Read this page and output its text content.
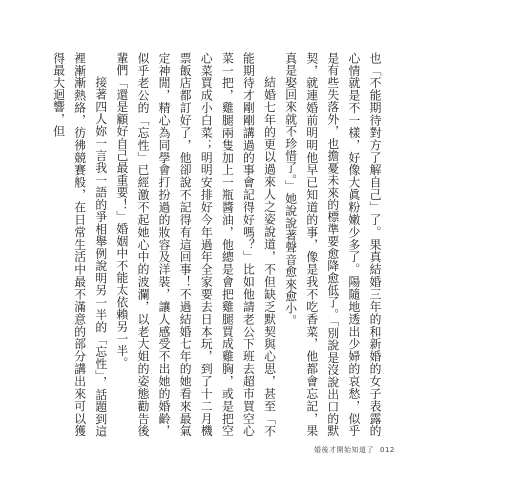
也「不能期待對方了解自己」了。果真結婚三年的和新婚的女子表露的心情就是不一樣，好像大眞粉嫩少多了。陽隨地透出少婦的哀愁，似乎是有些失落外，也擔憂未來的標準要愈降愈低了。「別說是沒說出口的默契，就連婚前明明他早已知道的事，像是我不吃香菜，他都會忘記，果真是娶回來就不珍惜了。」她說說著聲音愈來愈小。

結婚七年的更以過來人之姿說道，不但缺乏默契與心思，甚至「不能期待才剛剛講過的事會記得好嗎？」比如他請老公下班去超市買空心菜一把，雞腿兩隻加上一瓶醬油，他總是會把雞腿買成雞胸，或是把空心菜買成小白菜；明明安排好今年過年全家要去日本玩，到了十二月機票飯店都訂好了，他卻說不記得有這回事！不過結婚七年的她看來最氣定神閒，精心為同學會打扮過的妝容及洋裝，讓人感受不出她的婚齡，似乎老公的「忘性」已經激不起她心中的波瀾，以老大姐的姿態勸告後輩們「還是顧好自己最重要！」婚姻中不能太依賴另一半。

接著四人妳一言我一語的爭相舉例說明另一半的「忘性」，話題到這裡漸漸熱絡，彷彿競賽般，在日常生活中最不滿意的部分講出來可以獲得最大迴響，但

婚後才開始知道了 012
